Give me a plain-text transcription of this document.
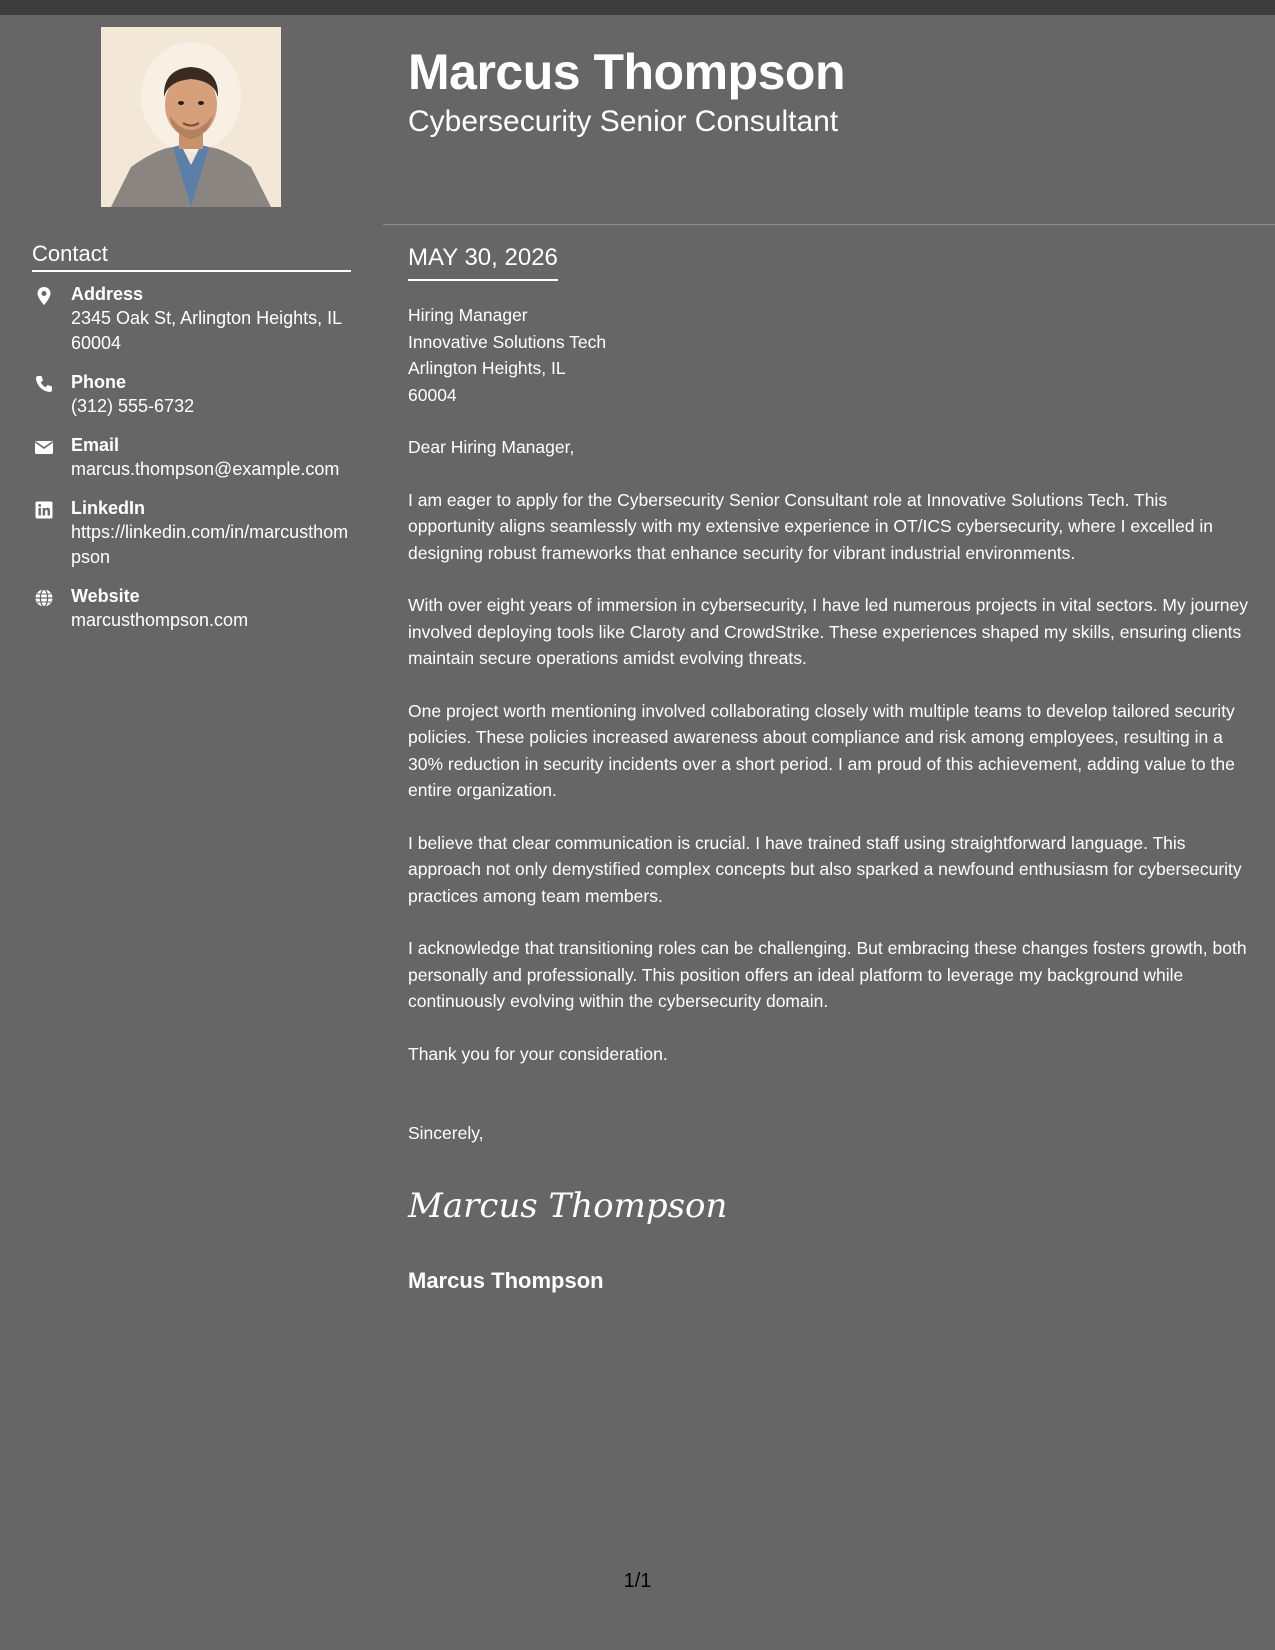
Contact
Address
2345 Oak St, Arlington Heights, IL 60004
Phone
(312) 555-6732
Email
marcus.thompson@example.com
LinkedIn
https://linkedin.com/in/marcusthompson
Website
marcusthompson.com
Marcus Thompson
Cybersecurity Senior Consultant
MAY 30, 2026

Hiring Manager
Innovative Solutions Tech
Arlington Heights, IL
60004

Dear Hiring Manager,

I am eager to apply for the Cybersecurity Senior Consultant role at Innovative Solutions Tech. This opportunity aligns seamlessly with my extensive experience in OT/ICS cybersecurity, where I excelled in designing robust frameworks that enhance security for vibrant industrial environments.

With over eight years of immersion in cybersecurity, I have led numerous projects in vital sectors. My journey involved deploying tools like Claroty and CrowdStrike. These experiences shaped my skills, ensuring clients maintain secure operations amidst evolving threats.

One project worth mentioning involved collaborating closely with multiple teams to develop tailored security policies. These policies increased awareness about compliance and risk among employees, resulting in a 30% reduction in security incidents over a short period. I am proud of this achievement, adding value to the entire organization.

I believe that clear communication is crucial. I have trained staff using straightforward language. This approach not only demystified complex concepts but also sparked a newfound enthusiasm for cybersecurity practices among team members.

I acknowledge that transitioning roles can be challenging. But embracing these changes fosters growth, both personally and professionally. This position offers an ideal platform to leverage my background while continuously evolving within the cybersecurity domain.

Thank you for your consideration.

Sincerely,

Marcus Thompson
Marcus Thompson
1/1
